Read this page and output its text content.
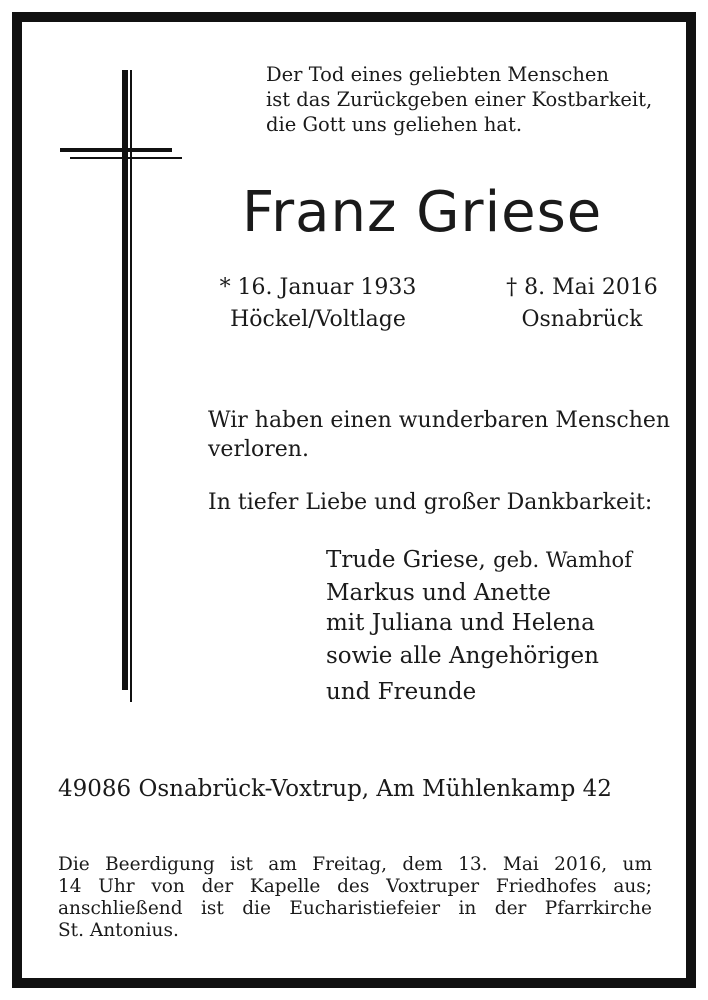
Der Tod eines geliebten Menschen
ist das Zurückgeben einer Kostbarkeit,
die Gott uns geliehen hat.
Franz Griese
* 16. Januar 1933
Höckel/Voltlage
† 8. Mai 2016
Osnabrück
Wir haben einen wunderbaren Menschen
verloren.
In tiefer Liebe und großer Dankbarkeit:
Trude Griese, geb. Wamhof
Markus und Anette
mit Juliana und Helena
sowie alle Angehörigen
und Freunde
49086 Osnabrück-Voxtrup, Am Mühlenkamp 42
Die Beerdigung ist am Freitag, dem 13. Mai 2016, um
14 Uhr von der Kapelle des Voxtruper Friedhofes aus;
anschließend ist die Eucharistiefeier in der Pfarrkirche
St. Antonius.
